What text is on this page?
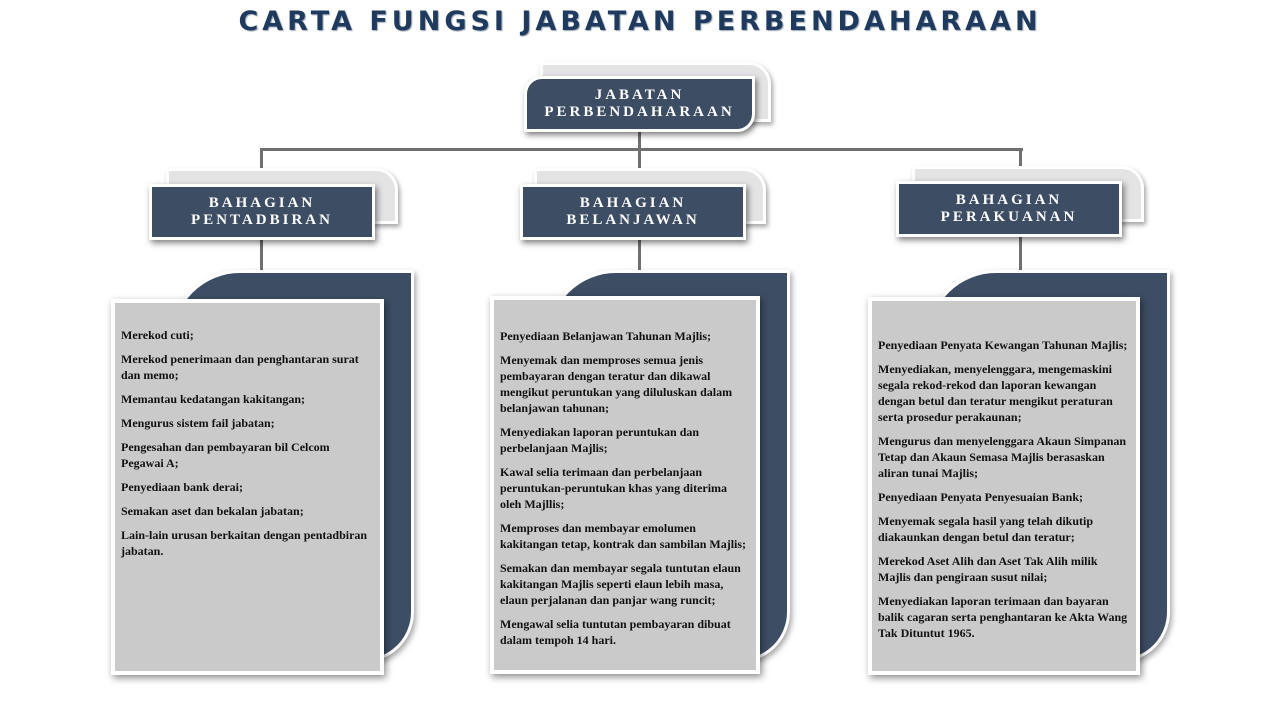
CARTA FUNGSI JABATAN PERBENDAHARAAN
JABATAN
PERBENDAHARAAN
BAHAGIAN
PENTADBIRAN
BAHAGIAN
BELANJAWAN
BAHAGIAN
PERAKUANAN
Merekod cuti;
Merekod penerimaan dan penghantaran surat dan memo;
Memantau kedatangan kakitangan;
Mengurus sistem fail jabatan;
Pengesahan dan pembayaran bil Celcom Pegawai A;
Penyediaan bank derai;
Semakan aset dan bekalan jabatan;
Lain-lain urusan berkaitan dengan pentadbiran jabatan.
Penyediaan Belanjawan Tahunan Majlis;
Menyemak dan memproses semua jenis pembayaran dengan teratur dan dikawal mengikut peruntukan yang diluluskan dalam belanjawan tahunan;
Menyediakan laporan peruntukan dan perbelanjaan Majlis;
Kawal selia terimaan dan perbelanjaan peruntukan-peruntukan khas yang diterima oleh Majllis;
Memproses dan membayar emolumen kakitangan tetap, kontrak dan sambilan Majlis;
Semakan dan membayar segala tuntutan elaun kakitangan Majlis seperti elaun lebih masa, elaun perjalanan dan panjar wang runcit;
Mengawal selia tuntutan pembayaran dibuat dalam tempoh 14 hari.
Penyediaan Penyata Kewangan Tahunan Majlis;
Menyediakan, menyelenggara, mengemaskini segala rekod-rekod dan laporan kewangan dengan betul dan teratur mengikut peraturan serta prosedur perakaunan;
Mengurus dan menyelenggara Akaun Simpanan Tetap dan Akaun Semasa Majlis berasaskan aliran tunai Majlis;
Penyediaan Penyata Penyesuaian Bank;
Menyemak segala hasil yang telah dikutip diakaunkan dengan betul dan teratur;
Merekod Aset Alih dan Aset Tak Alih milik Majlis dan pengiraan susut nilai;
Menyediakan laporan terimaan dan bayaran balik cagaran serta penghantaran ke Akta Wang Tak Dituntut 1965.
